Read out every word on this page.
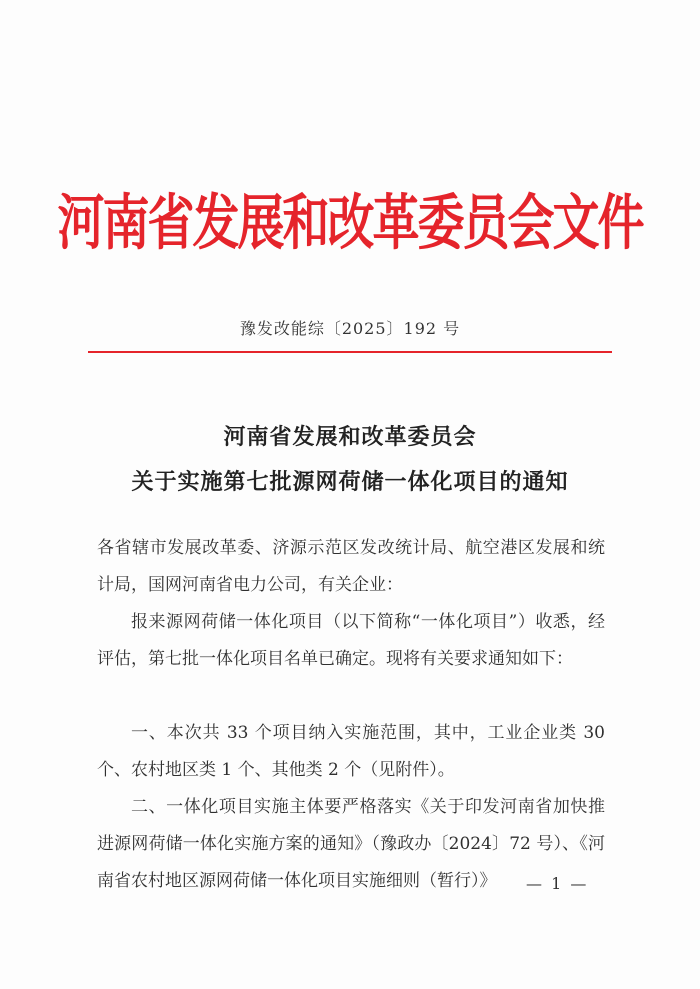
河南省发展和改革委员会文件
豫发改能综〔2025〕192 号
河南省发展和改革委员会
关于实施第七批源网荷储一体化项目的通知

各省辖市发展改革委、济源示范区发改统计局、航空港区发展和统计局，国网河南省电力公司，有关企业：

报来源网荷储一体化项目（以下简称“一体化项目”）收悉，经评估，第七批一体化项目名单已确定。现将有关要求通知如下：

一、本次共 33 个项目纳入实施范围，其中，工业企业类 30 个、农村地区类 1 个、其他类 2 个（见附件）。

二、一体化项目实施主体要严格落实《关于印发河南省加快推进源网荷储一体化实施方案的通知》（豫政办〔2024〕72 号）、《河南省农村地区源网荷储一体化项目实施细则（暂行）》	— 1 —
